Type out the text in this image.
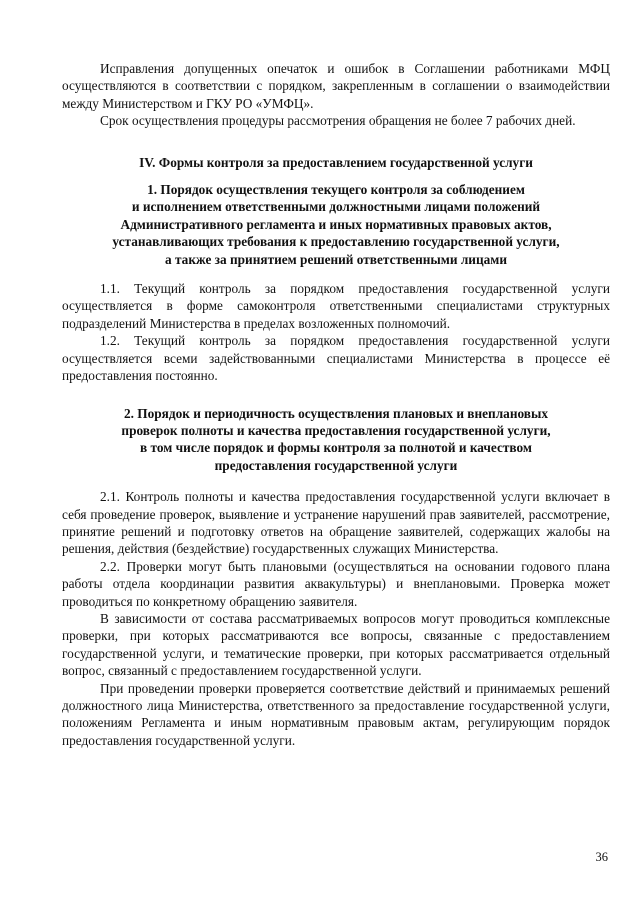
Исправления допущенных опечаток и ошибок в Соглашении работниками МФЦ осуществляются в соответствии с порядком, закрепленным в соглашении о взаимодействии между Министерством и ГКУ РО «УМФЦ».

Срок осуществления процедуры рассмотрения обращения не более 7 рабочих дней.

IV. Формы контроля за предоставлением государственной услуги
1. Порядок осуществления текущего контроля за соблюдением
и исполнением ответственными должностными лицами положений
Административного регламента и иных нормативных правовых актов,
устанавливающих требования к предоставлению государственной услуги,
а также за принятием решений ответственными лицами

1.1. Текущий контроль за порядком предоставления государственной услуги осуществляется в форме самоконтроля ответственными специалистами структурных подразделений Министерства в пределах возложенных полномочий.

1.2. Текущий контроль за порядком предоставления государственной услуги осуществляется всеми задействованными специалистами Министерства в процессе её предоставления постоянно.

2. Порядок и периодичность осуществления плановых и внеплановых
проверок полноты и качества предоставления государственной услуги,
в том числе порядок и формы контроля за полнотой и качеством
предоставления государственной услуги

2.1. Контроль полноты и качества предоставления государственной услуги включает в себя проведение проверок, выявление и устранение нарушений прав заявителей, рассмотрение, принятие решений и подготовку ответов на обращение заявителей, содержащих жалобы на решения, действия (бездействие) государственных служащих Министерства.

2.2. Проверки могут быть плановыми (осуществляться на основании годового плана работы отдела координации развития аквакультуры) и внеплановыми. Проверка может проводиться по конкретному обращению заявителя.

В зависимости от состава рассматриваемых вопросов могут проводиться комплексные проверки, при которых рассматриваются все вопросы, связанные с предоставлением государственной услуги, и тематические проверки, при которых рассматривается отдельный вопрос, связанный с предоставлением государственной услуги.

При проведении проверки проверяется соответствие действий и принимаемых решений должностного лица Министерства, ответственного за предоставление государственной услуги, положениям Регламента и иным нормативным правовым актам, регулирующим порядок предоставления государственной услуги.

36
